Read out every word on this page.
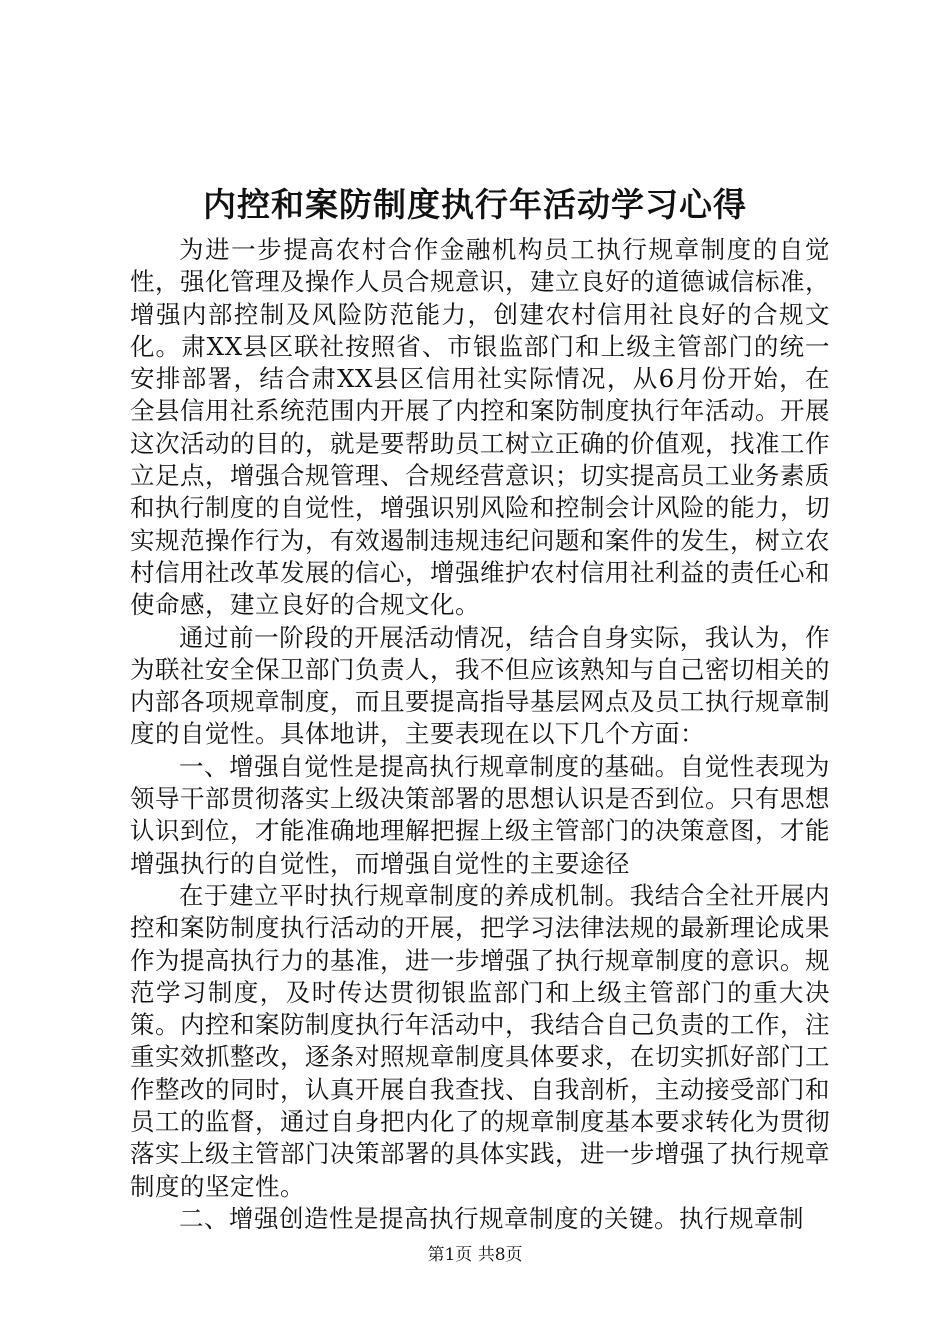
内控和案防制度执行年活动学习心得

为进一步提高农村合作金融机构员工执行规章制度的自觉性，强化管理及操作人员合规意识，建立良好的道德诚信标准，增强内部控制及风险防范能力，创建农村信用社良好的合规文化。肃XX县区联社按照省、市银监部门和上级主管部门的统一安排部署，结合肃XX县区信用社实际情况，从6月份开始，在全县信用社系统范围内开展了内控和案防制度执行年活动。开展这次活动的目的，就是要帮助员工树立正确的价值观，找准工作立足点，增强合规管理、合规经营意识；切实提高员工业务素质和执行制度的自觉性，增强识别风险和控制会计风险的能力，切实规范操作行为，有效遏制违规违纪问题和案件的发生，树立农村信用社改革发展的信心，增强维护农村信用社利益的责任心和使命感，建立良好的合规文化。

通过前一阶段的开展活动情况，结合自身实际，我认为，作为联社安全保卫部门负责人，我不但应该熟知与自己密切相关的内部各项规章制度，而且要提高指导基层网点及员工执行规章制度的自觉性。具体地讲，主要表现在以下几个方面：

一、增强自觉性是提高执行规章制度的基础。自觉性表现为领导干部贯彻落实上级决策部署的思想认识是否到位。只有思想认识到位，才能准确地理解把握上级主管部门的决策意图，才能增强执行的自觉性，而增强自觉性的主要途径

在于建立平时执行规章制度的养成机制。我结合全社开展内控和案防制度执行活动的开展，把学习法律法规的最新理论成果作为提高执行力的基准，进一步增强了执行规章制度的意识。规范学习制度，及时传达贯彻银监部门和上级主管部门的重大决策。内控和案防制度执行年活动中，我结合自己负责的工作，注重实效抓整改，逐条对照规章制度具体要求，在切实抓好部门工作整改的同时，认真开展自我查找、自我剖析，主动接受部门和员工的监督，通过自身把内化了的规章制度基本要求转化为贯彻落实上级主管部门决策部署的具体实践，进一步增强了执行规章制度的坚定性。

二、增强创造性是提高执行规章制度的关键。执行规章制

第1页 共8页
